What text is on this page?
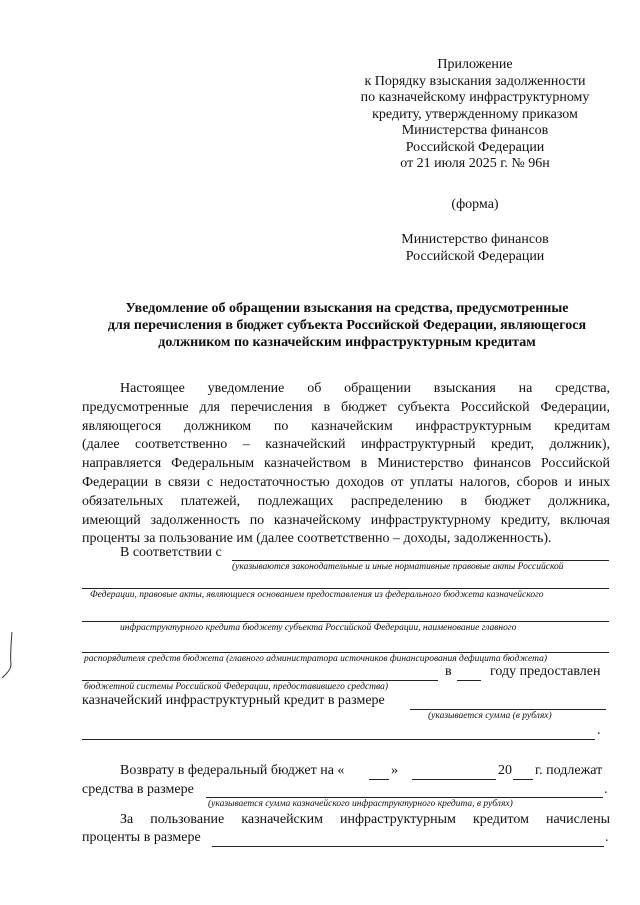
Приложение
к Порядку взыскания задолженности
по казначейскому инфраструктурному
кредиту, утвержденному приказом
Министерства финансов
Российской Федерации
от 21 июля 2025 г. № 96н
(форма)
Министерство финансов
Российской Федерации
Уведомление об обращении взыскания на средства, предусмотренные
для перечисления в бюджет субъекта Российской Федерации, являющегося
должником по казначейским инфраструктурным кредитам
Настоящее уведомление об обращении взыскания на средства,
предусмотренные для перечисления в бюджет субъекта Российской Федерации,
являющегося должником по казначейским инфраструктурным кредитам
(далее соответственно – казначейский инфраструктурный кредит, должник),
направляется Федеральным казначейством в Министерство финансов Российской
Федерации в связи с недостаточностью доходов от уплаты налогов, сборов и иных
обязательных платежей, подлежащих распределению в бюджет должника,
имеющий задолженность по казначейскому инфраструктурному кредиту, включая
проценты за пользование им (далее соответственно – доходы, задолженность).
В соответствии с
(указываются законодательные и иные нормативные правовые акты Российской
Федерации, правовые акты, являющиеся основанием предоставления из федерального бюджета казначейского
инфраструктурного кредита бюджету субъекта Российской Федерации, наименование главного
распорядителя средств бюджета (главного администратора источников финансирования дефицита бюджета)
в	году предоставлен
бюджетной системы Российской Федерации, предоставившего средства)
казначейский инфраструктурный кредит в размере
(указывается сумма (в рублях)
.
Возврату в федеральный бюджет на «	»	20 г. подлежат
средства в размере	.
(указывается сумма казначейского инфраструктурного кредита, в рублях)
За пользование казначейским инфраструктурным кредитом начислены
проценты в размере	.
